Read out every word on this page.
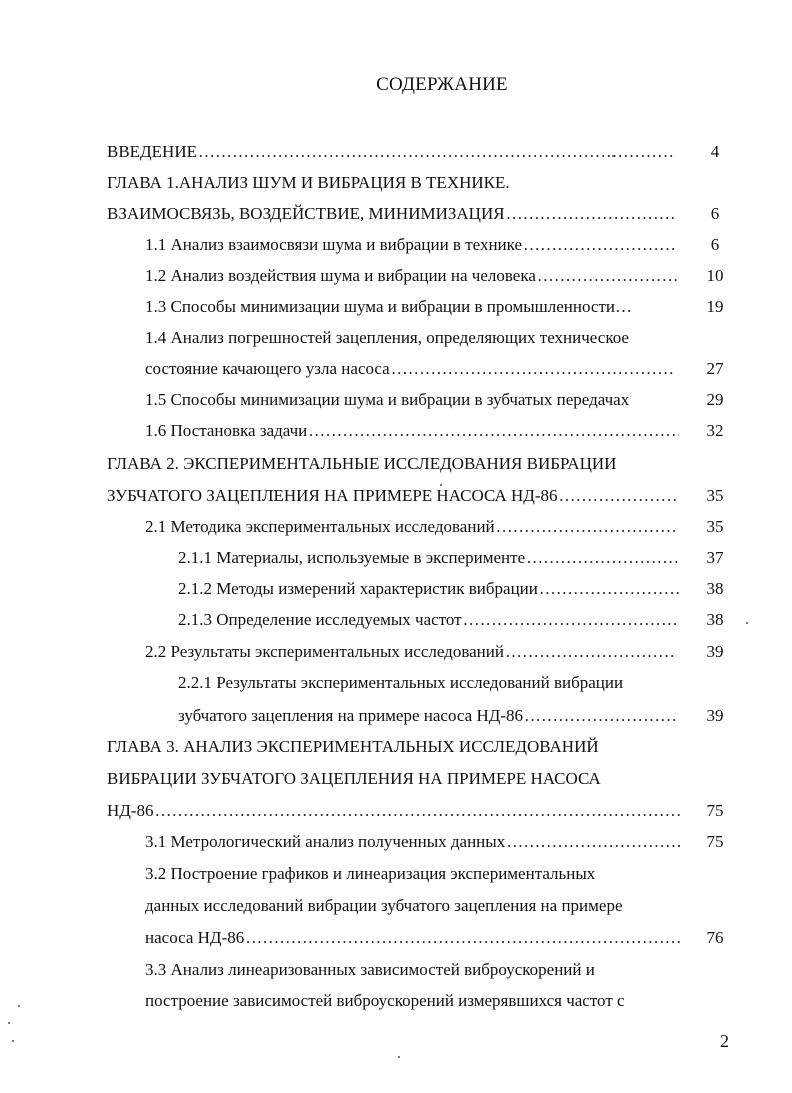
СОДЕРЖАНИЕ
ВВЕДЕНИЕ …………………………………………………………………………………………………………………………	4
ГЛАВА 1.АНАЛИЗ ШУМ И ВИБРАЦИЯ В ТЕХНИКЕ.
ВЗАИМОСВЯЗЬ, ВОЗДЕЙСТВИЕ, МИНИМИЗАЦИЯ …………………………………………………………………………………………………………………………	6
1.1 Анализ взаимосвязи шума и вибрации в технике …………………………………………………………………………………………………………………………	6
1.2 Анализ воздействия шума и вибрации на человека …………………………………………………………………………………………………………………………	10
1.3 Способы минимизации шума и вибрации в промышленности…	19
1.4 Анализ погрешностей зацепления, определяющих техническое
состояние качающего узла насоса …………………………………………………………………………………………………………………………	27
1.5 Способы минимизации шума и вибрации в зубчатых передачах	29
1.6 Постановка задачи …………………………………………………………………………………………………………………………	32
ГЛАВА 2. ЭКСПЕРИМЕНТАЛЬНЫЕ ИССЛЕДОВАНИЯ ВИБРАЦИИ
ЗУБЧАТОГО ЗАЦЕПЛЕНИЯ НА ПРИМЕРЕ НАСОСА НД-86 …………………………………………………………………………………………………………………………	35
2.1 Методика экспериментальных исследований …………………………………………………………………………………………………………………………	35
2.1.1 Материалы, используемые в эксперименте …………………………………………………………………………………………………………………………	37
2.1.2 Методы измерений характеристик вибрации …………………………………………………………………………………………………………………………	38
2.1.3 Определение исследуемых частот …………………………………………………………………………………………………………………………	38
2.2 Результаты экспериментальных исследований …………………………………………………………………………………………………………………………	39
2.2.1 Результаты экспериментальных исследований вибрации
зубчатого зацепления на примере насоса НД-86 …………………………………………………………………………………………………………………………	39
ГЛАВА 3. АНАЛИЗ ЭКСПЕРИМЕНТАЛЬНЫХ ИССЛЕДОВАНИЙ
ВИБРАЦИИ ЗУБЧАТОГО ЗАЦЕПЛЕНИЯ НА ПРИМЕРЕ НАСОСА
НД-86 …………………………………………………………………………………………………………………………	75
3.1 Метрологический анализ полученных данных …………………………………………………………………………………………………………………………	75
3.2 Построение графиков и линеаризация экспериментальных
данных исследований вибрации зубчатого зацепления на примере
насоса НД-86 …………………………………………………………………………………………………………………………	76
3.3 Анализ линеаризованных зависимостей виброускорений и
построение зависимостей виброускорений измерявшихся частот с
2
